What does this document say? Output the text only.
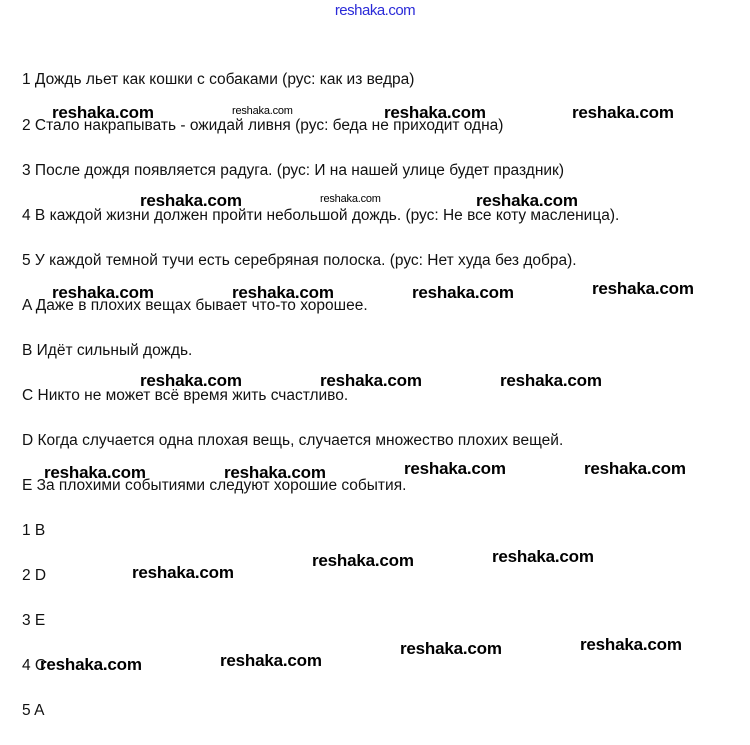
reshaka.com
1 Дождь льет как кошки с собаками (рус: как из ведра)
2 Стало накрапывать - ожидай ливня (рус: беда не приходит одна)
3 После дождя появляется радуга. (рус: И на нашей улице будет праздник)
4 В каждой жизни должен пройти небольшой дождь. (рус: Не все коту масленица).
5 У каждой темной тучи есть серебряная полоска. (рус: Нет худа без добра).
A Даже в плохих вещах бывает что-то хорошее.
B Идёт сильный дождь.
C Никто не может всё время жить счастливо.
D Когда случается одна плохая вещь, случается множество плохих вещей.
E За плохими событиями следуют хорошие события.
1 B
2 D
3 E
4 C
5 A
reshaka.com	reshaka.com	reshaka.com	reshaka.com
reshaka.com	reshaka.com	reshaka.com
reshaka.com	reshaka.com	reshaka.com	reshaka.com
reshaka.com	reshaka.com	reshaka.com
reshaka.com	reshaka.com	reshaka.com	reshaka.com
reshaka.com
reshaka.com	reshaka.com
reshaka.com	reshaka.com
reshaka.com	reshaka.com
